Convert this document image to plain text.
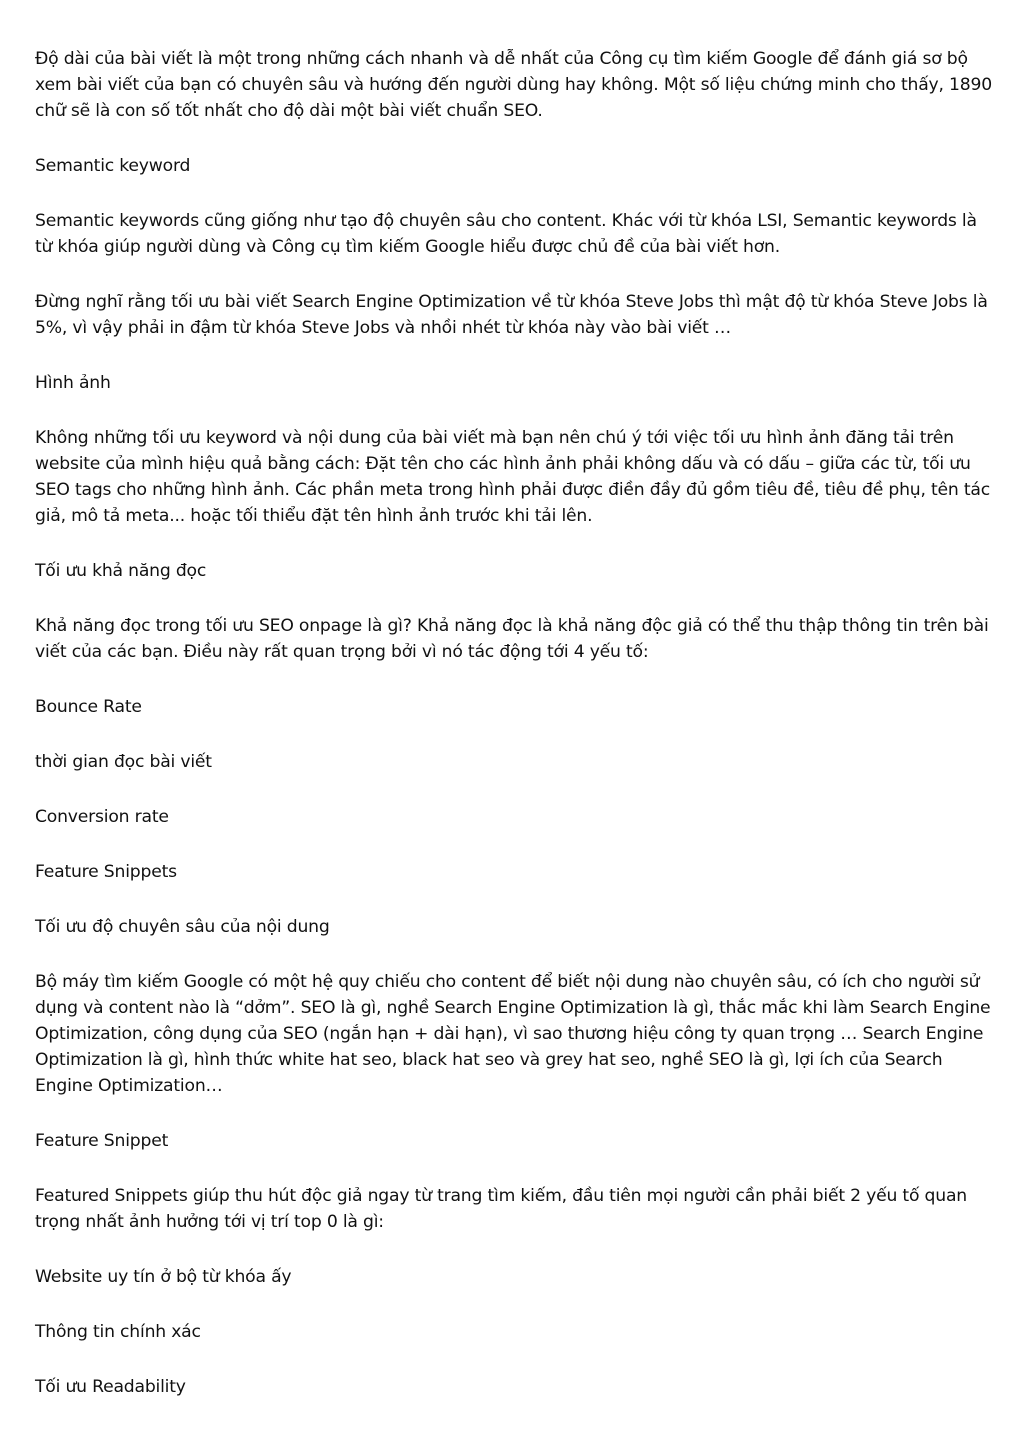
Độ dài của bài viết là một trong những cách nhanh và dễ nhất của Công cụ tìm kiếm Google để đánh giá sơ bộ xem bài viết của bạn có chuyên sâu và hướng đến người dùng hay không. Một số liệu chứng minh cho thấy, 1890 chữ sẽ là con số tốt nhất cho độ dài một bài viết chuẩn SEO.

Semantic keyword

Semantic keywords cũng giống như tạo độ chuyên sâu cho content. Khác với từ khóa LSI, Semantic keywords là từ khóa giúp người dùng và Công cụ tìm kiếm Google hiểu được chủ đề của bài viết hơn.

Đừng nghĩ rằng tối ưu bài viết Search Engine Optimization về từ khóa Steve Jobs thì mật độ từ khóa Steve Jobs là 5%, vì vậy phải in đậm từ khóa Steve Jobs và nhồi nhét từ khóa này vào bài viết …

Hình ảnh

Không những tối ưu keyword và nội dung của bài viết mà bạn nên chú ý tới việc tối ưu hình ảnh đăng tải trên website của mình hiệu quả bằng cách: Đặt tên cho các hình ảnh phải không dấu và có dấu – giữa các từ, tối ưu SEO tags cho những hình ảnh. Các phần meta trong hình phải được điền đầy đủ gồm tiêu đề, tiêu đề phụ, tên tác giả, mô tả meta... hoặc tối thiểu đặt tên hình ảnh trước khi tải lên.

Tối ưu khả năng đọc

Khả năng đọc trong tối ưu SEO onpage là gì? Khả năng đọc là khả năng độc giả có thể thu thập thông tin trên bài viết của các bạn. Điều này rất quan trọng bởi vì nó tác động tới 4 yếu tố:

Bounce Rate

thời gian đọc bài viết

Conversion rate

Feature Snippets

Tối ưu độ chuyên sâu của nội dung

Bộ máy tìm kiếm Google có một hệ quy chiếu cho content để biết nội dung nào chuyên sâu, có ích cho người sử dụng và content nào là “dởm”. SEO là gì, nghề Search Engine Optimization là gì, thắc mắc khi làm Search Engine Optimization, công dụng của SEO (ngắn hạn + dài hạn), vì sao thương hiệu công ty quan trọng … Search Engine Optimization là gì, hình thức white hat seo, black hat seo và grey hat seo, nghề SEO là gì, lợi ích của Search Engine Optimization…

Feature Snippet

Featured Snippets giúp thu hút độc giả ngay từ trang tìm kiếm, đầu tiên mọi người cần phải biết 2 yếu tố quan trọng nhất ảnh hưởng tới vị trí top 0 là gì:

Website uy tín ở bộ từ khóa ấy

Thông tin chính xác

Tối ưu Readability
